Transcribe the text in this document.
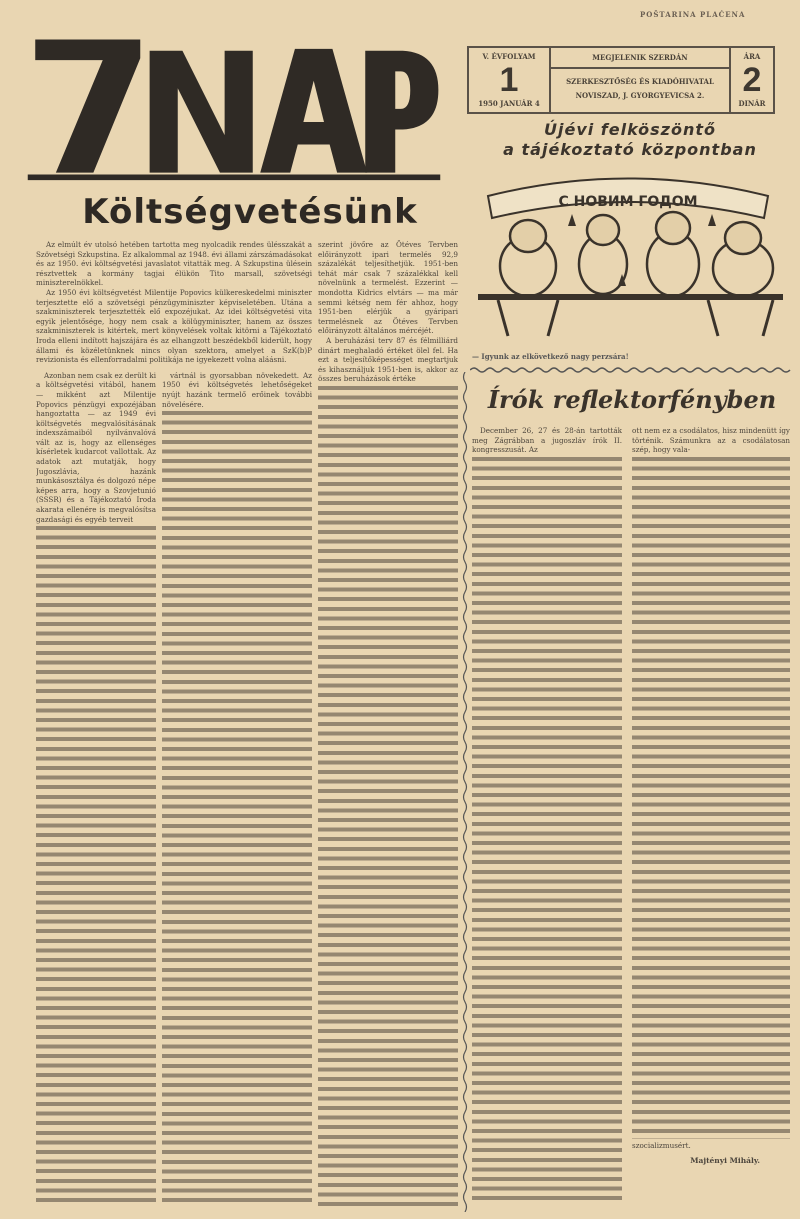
POŠTARINA PLAĆENA
V. ÉVFOLYAM
1
1950 JANUÁR 4
MEGJELENIK SZERDÁN
SZERKESZTŐSÉG ÉS KIADÓHIVATAL
NOVISZAD, J. GYORGYEVICSA 2.
ÁRA
2
DINÁR
Újévi felköszöntő
a tájékoztató központban
С НОВИМ ГОДОМ
— Igyunk az elkövetkező nagy perzsára!
Költségvetésünk

Az elmúlt év utolsó hetében tartotta meg nyolcadik rendes ülésszakát a Szövetségi Szkupstina. Ez alkalommal az 1948. évi állami zárszámadásokat és az 1950. évi költségvetési javaslatot vitatták meg. A Szkupstina ülésein résztvettek a kormány tagjai élükön Tito marsall, szövetségi miniszterelnökkel.

Az 1950 évi költségvetést Milentije Popovics külkereskedelmi miniszter terjesztette elő a szövetségi pénzügyminiszter képviseletében. Utána a szakminiszterek terjesztették elő expozéjukat. Az idei költségvetési vita egyik jelentősége, hogy nem csak a kölügyminiszter, hanem az összes szakminiszterek is kitértek, mert könyvelések voltak kitörni a Tájékoztató Iroda elleni indított hajszájára és az elhangzott beszédekből kiderült, hogy állami és közéletünknek nincs olyan szektora, amelyet a SzK(b)P revizionista és ellenforradalmi politikája ne igyekezett volna aláásni.

Azonban nem csak ez derült ki a költségvetési vitából, hanem — mikként azt Milentije Popovics pénzügyi expozéjában hangoztatta — az 1949 évi költségvetés megvalósításának indexszámaiból nyilvánvalóvá vált az is, hogy az ellenséges kísérletek kudarcot vallottak. Az adatok azt mutatják, hogy Jugoszlávia, hazánk munkásosztálya és dolgozó népe képes arra, hogy a Szovjetunió (SSSR) és a Tájékoztató Iroda akarata ellenére is megvalósítsa gazdasági és egyéb terveit

vártnál is gyorsabban növekedett. Az 1950 évi költségvetés lehetőségeket nyújt hazánk termelő erőinek további növelésére.

szerint jövőre az Ötéves Tervben előirányzott ipari termelés 92,9 százalékát teljesíthetjük. 1951-ben tehát már csak 7 százalékkal kell növelnünk a termelést. Ezzerint — mondotta Kidrics elvtárs — ma már semmi kétség nem fér ahhoz, hogy 1951-ben elérjük a gyáripari termelésnek az Ötéves Tervben előirányzott általános mércéjét.

A beruházási terv 87 és félmilliárd dinárt meghaladó értéket ölel fel. Ha ezt a teljesítőképességet megtartjuk és kihasználjuk 1951-ben is, akkor az összes beruházások értéke

Írók reflektorfényben

December 26, 27 és 28-án tartották meg Zágrábban a jugoszláv írók II. kongresszusát. Az

ott nem ez a csodálatos, hisz mindenütt így történik. Számunkra az a csodálatosan szép, hogy vala-

szocializmusért.

Majtényi Mihály.
